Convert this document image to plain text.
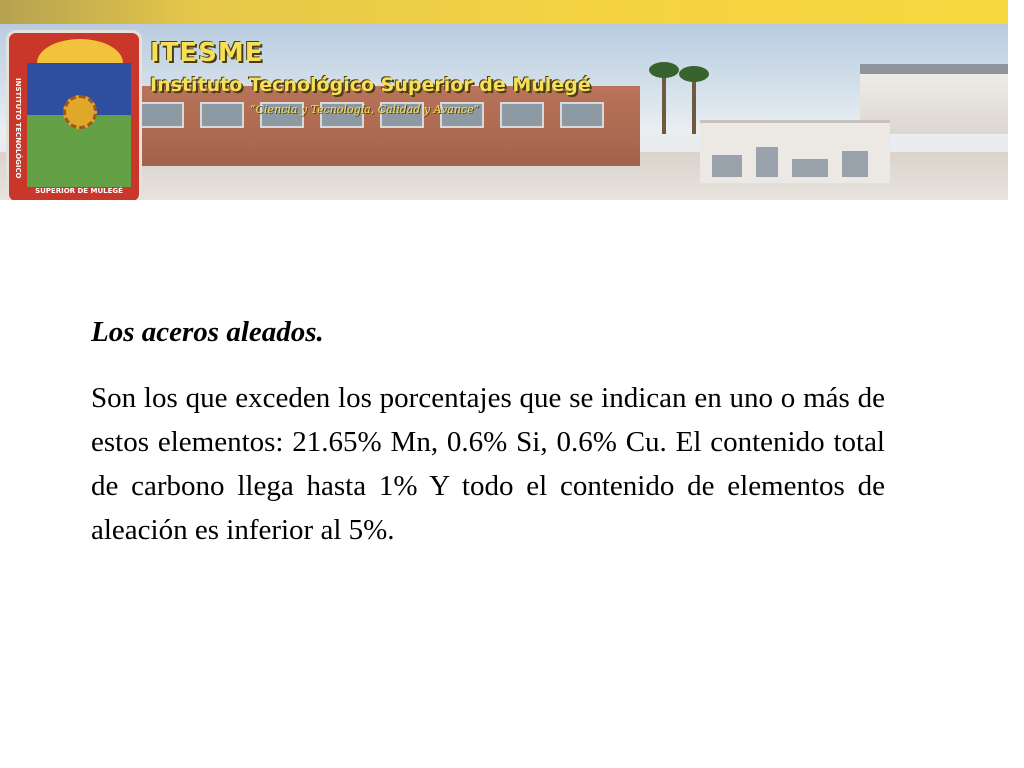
INSTITUTO TECNOLÓGICO
SUPERIOR DE MULEGÉ
ITESME
Instituto Tecnológico Superior de Mulegé
“Ciencia y Tecnología, Calidad y Avance”
Los aceros aleados.

Son los que exceden los porcentajes que se indican en uno o más de estos elementos: 21.65% Mn, 0.6% Si, 0.6% Cu. El contenido total de carbono llega hasta 1% Y todo el contenido de elementos de aleación es inferior al 5%.
